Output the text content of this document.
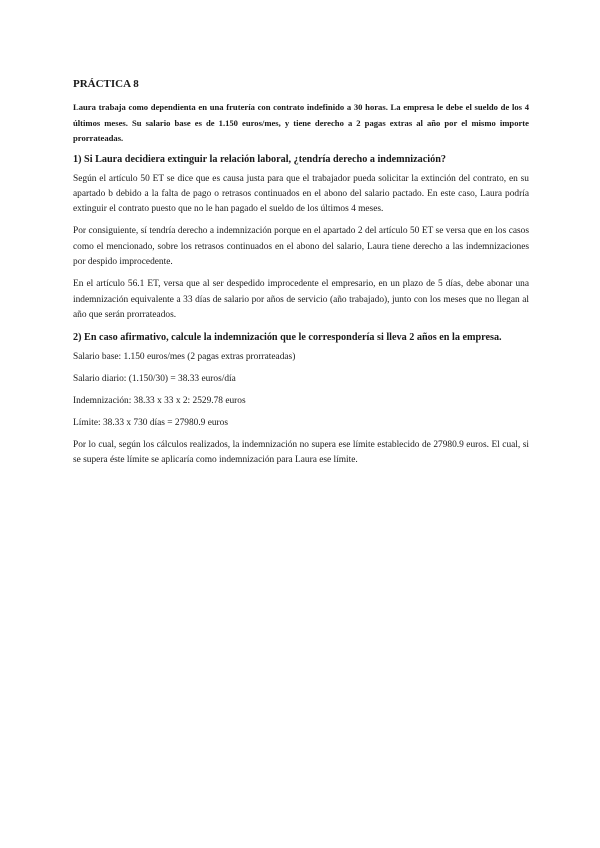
PRÁCTICA 8

Laura trabaja como dependienta en una frutería con contrato indefinido a 30 horas. La empresa le debe el sueldo de los 4 últimos meses. Su salario base es de 1.150 euros/mes, y tiene derecho a 2 pagas extras al año por el mismo importe prorrateadas.

1) Si Laura decidiera extinguir la relación laboral, ¿tendría derecho a indemnización?

Según el artículo 50 ET se dice que es causa justa para que el trabajador pueda solicitar la extinción del contrato, en su apartado b debido a la falta de pago o retrasos continuados en el abono del salario pactado. En este caso, Laura podría extinguir el contrato puesto que no le han pagado el sueldo de los últimos 4 meses.

Por consiguiente, sí tendría derecho a indemnización porque en el apartado 2 del artículo 50 ET se versa que en los casos como el mencionado, sobre los retrasos continuados en el abono del salario, Laura tiene derecho a las indemnizaciones por despido improcedente.

En el artículo 56.1 ET, versa que al ser despedido improcedente el empresario, en un plazo de 5 días, debe abonar una indemnización equivalente a 33 días de salario por años de servicio (año trabajado), junto con los meses que no llegan al año que serán prorrateados.

2) En caso afirmativo, calcule la indemnización que le correspondería si lleva 2 años en la empresa.

Salario base: 1.150 euros/mes (2 pagas extras prorrateadas)

Salario diario: (1.150/30) = 38.33 euros/día

Indemnización: 38.33 x 33 x 2: 2529.78 euros

Límite: 38.33 x 730 días = 27980.9 euros

Por lo cual, según los cálculos realizados, la indemnización no supera ese límite establecido de 27980.9 euros. El cual, si se supera éste límite se aplicaría como indemnización para Laura ese límite.
